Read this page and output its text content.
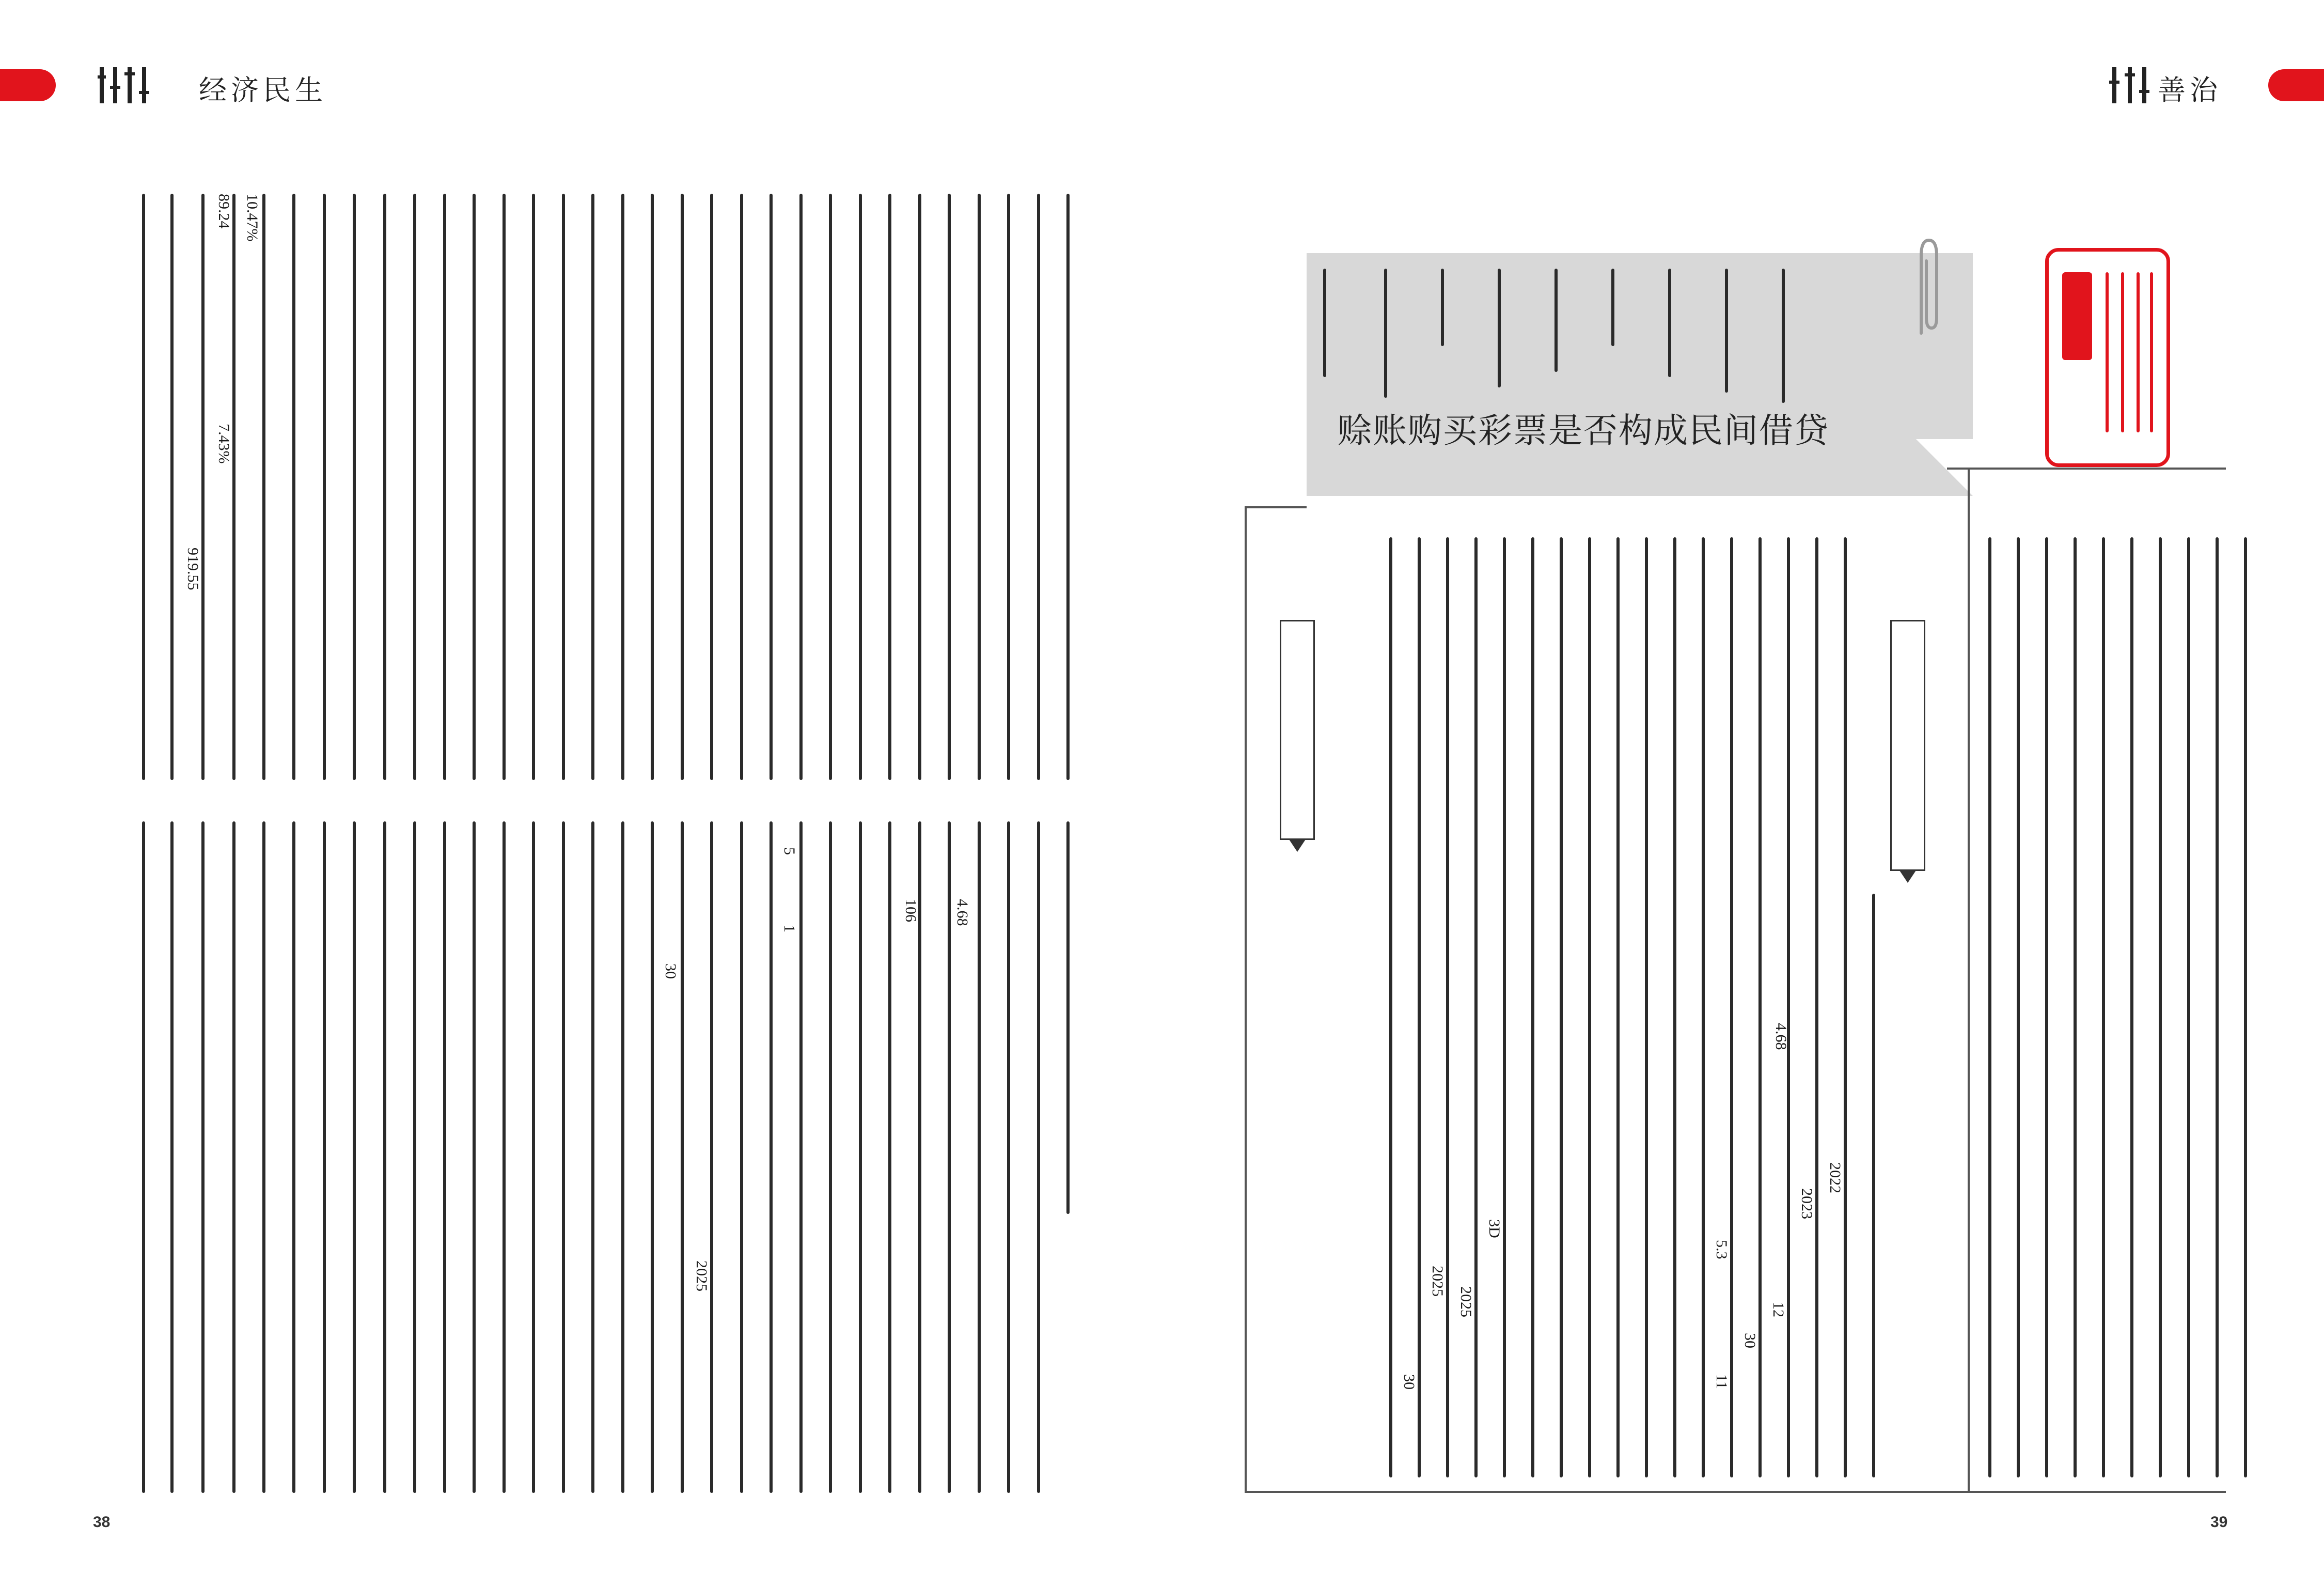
经济民生	善治
106 4.68
1
30
5
2025
10.47%
89.24
7.43%
919.55
38
赊账购买彩票是否构成民间借贷
4.68
3D
2025
2025
30
5.3
2022
2023
12
30
11
39
ᠡᠳ᠋ ᠵᠠᠰᠠᠭ	ᠰᠠᠢᠨ
